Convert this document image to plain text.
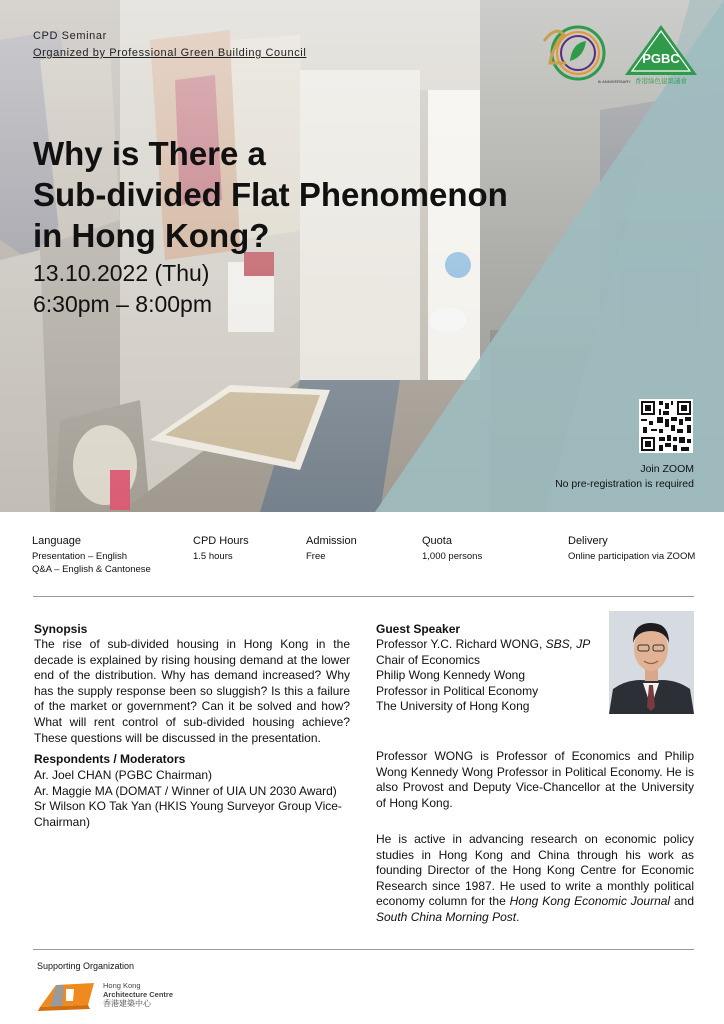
CPD Seminar
Organized by Professional Green Building Council
Why is There a
Sub-divided Flat Phenomenon
in Hong Kong?
13.10.2022 (Thu)
6:30pm – 8:00pm
th ANNIVERSARY
PGBC
香港綠色建築議會
Join ZOOM
No pre-registration is required
Language
Presentation – English
Q&A – English & Cantonese
CPD Hours
1.5 hours
Admission
Free
Quota
1,000 persons
Delivery
Online participation via ZOOM
Synopsis

The rise of sub-divided housing in Hong Kong in the decade is explained by rising housing demand at the lower end of the distribution. Why has demand increased? Why has the supply response been so sluggish? Is this a failure of the market or government? Can it be solved and how? What will rent control of sub-divided housing achieve? These questions will be discussed in the presentation.

Respondents / Moderators
Ar. Joel CHAN (PGBC Chairman)
Ar. Maggie MA (DOMAT / Winner of UIA UN 2030 Award)
Sr Wilson KO Tak Yan (HKIS Young Surveyor Group Vice-
Chairman)
Guest Speaker
Professor Y.C. Richard WONG, SBS, JP
Chair of Economics
Philip Wong Kennedy Wong
Professor in Political Economy
The University of Hong Kong

Professor WONG is Professor of Economics and Philip Wong Kennedy Wong Professor in Political Economy. He is also Provost and Deputy Vice-Chancellor at the University of Hong Kong.

He is active in advancing research on economic policy studies in Hong Kong and China through his work as founding Director of the Hong Kong Centre for Economic Research since 1987. He used to write a monthly political economy column for the Hong Kong Economic Journal and South China Morning Post.

Supporting Organization
Hong Kong
Architecture Centre
香港建築中心
